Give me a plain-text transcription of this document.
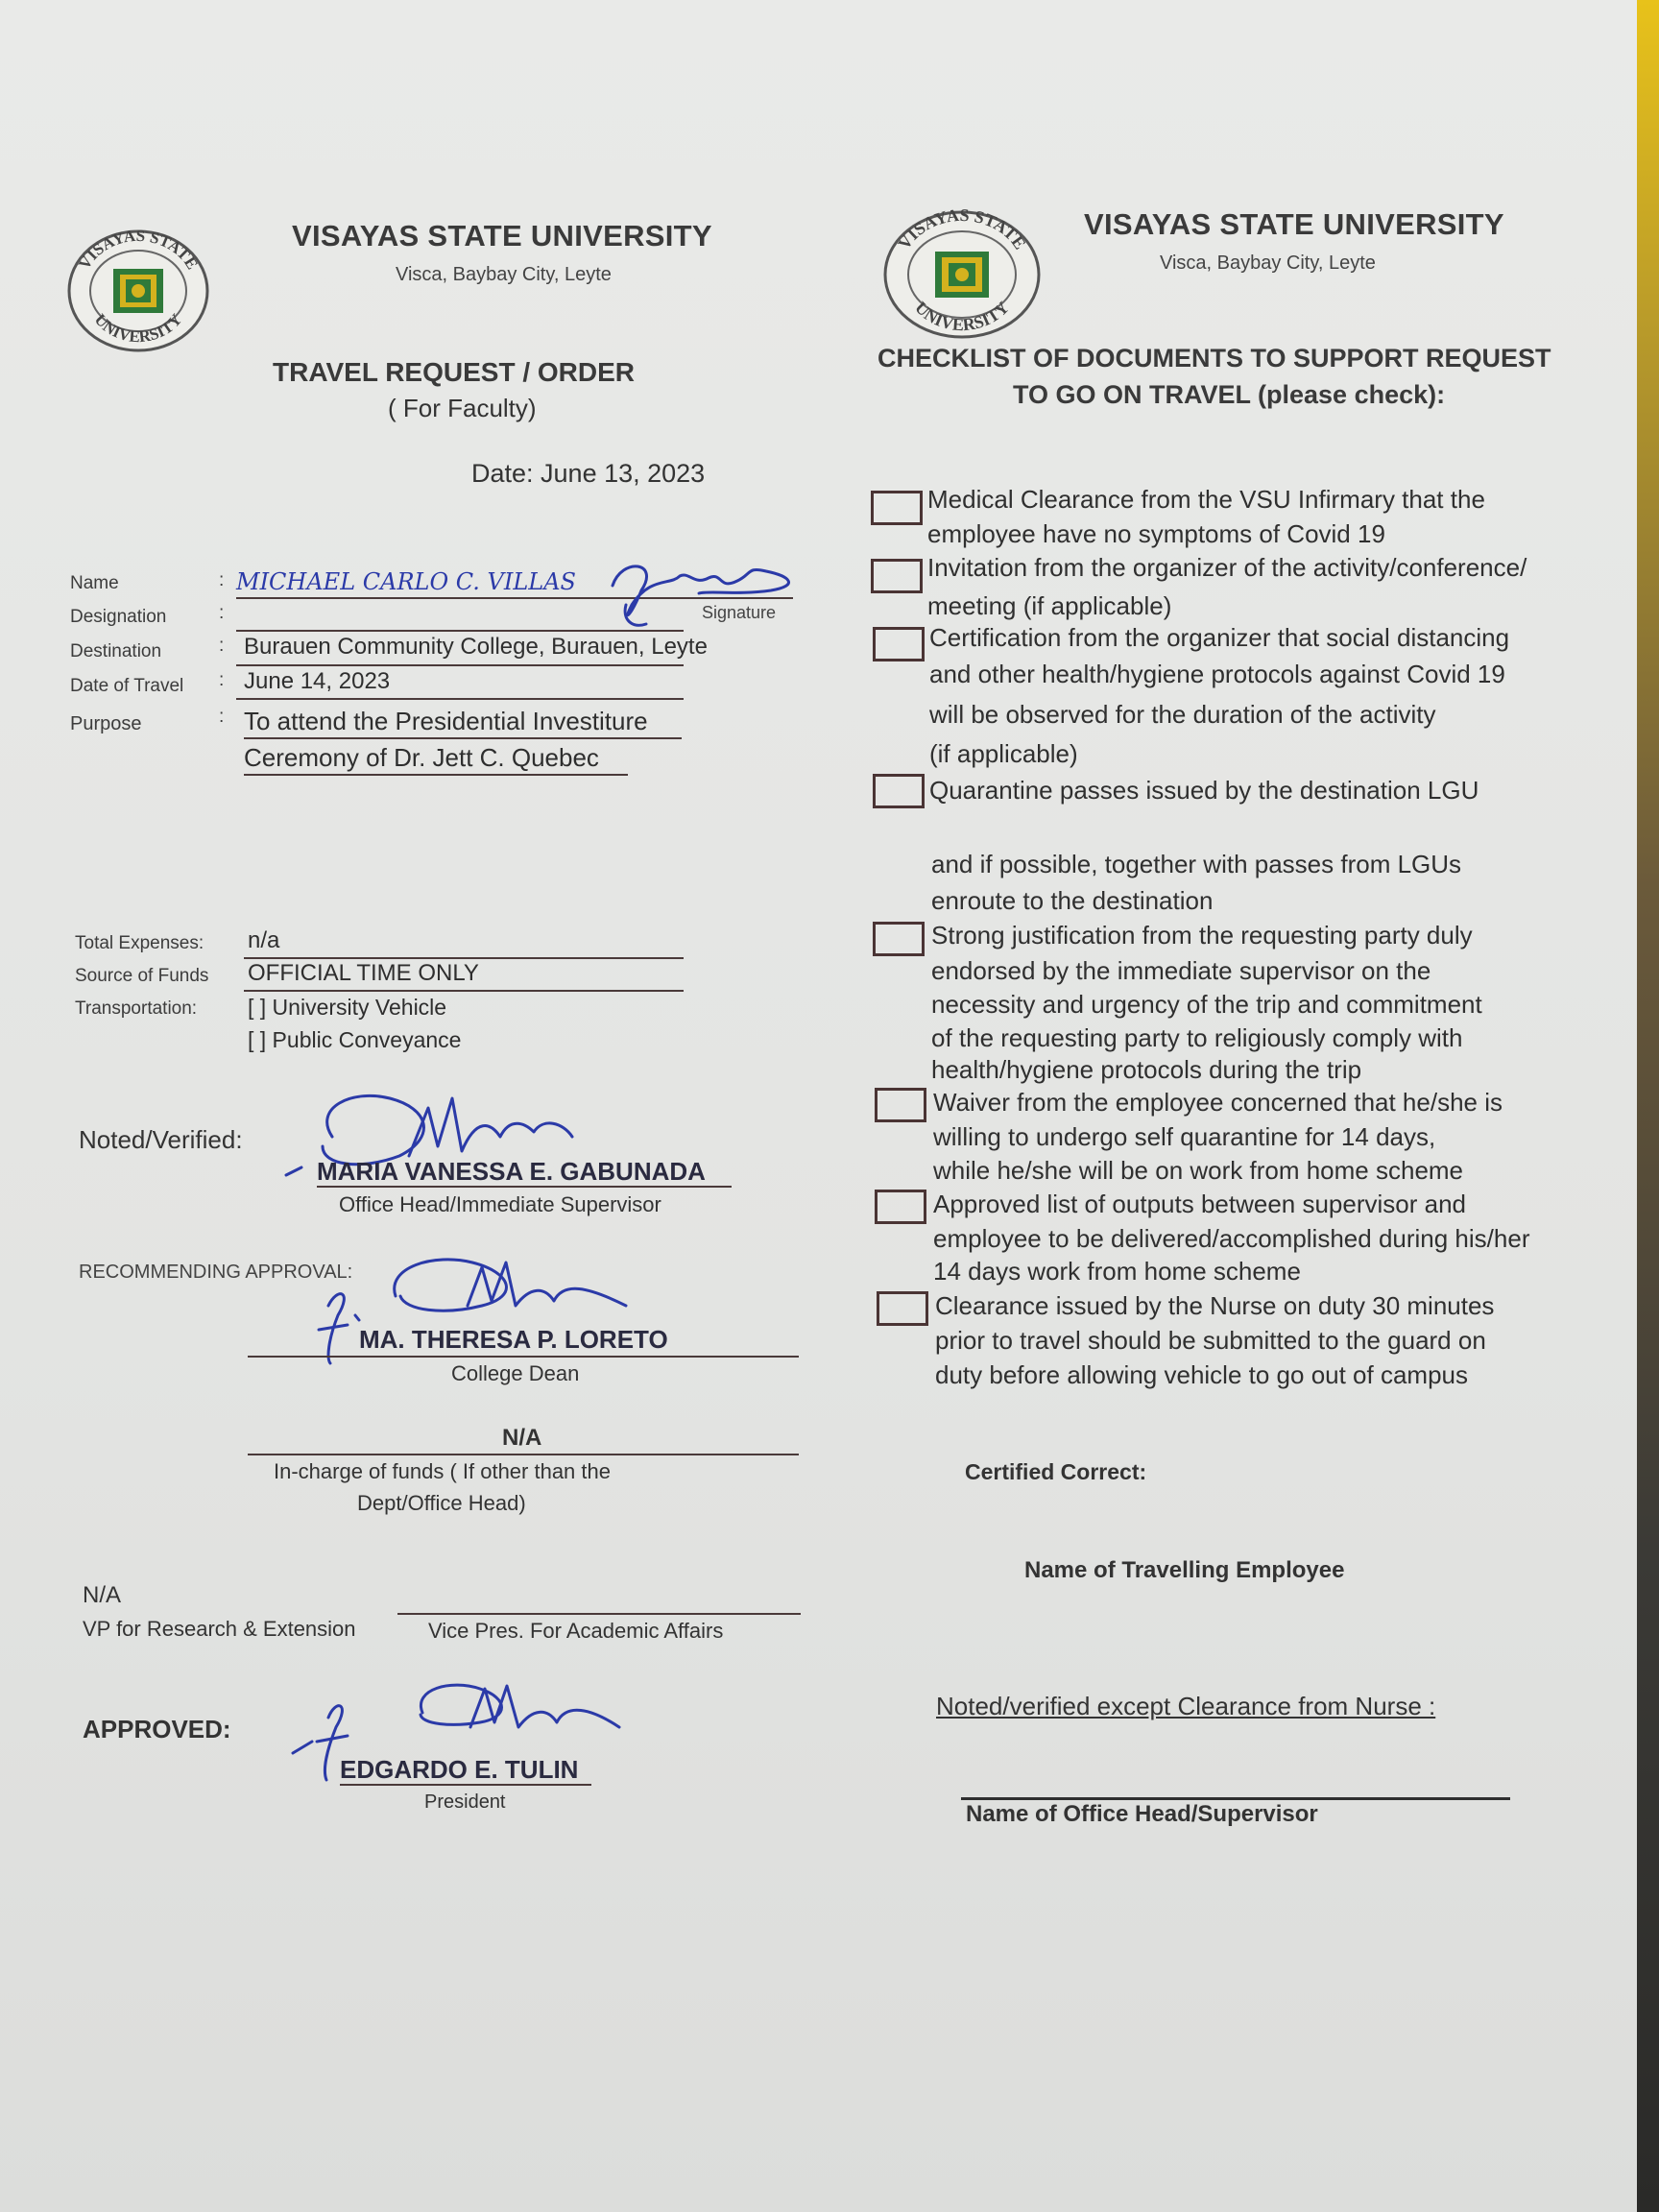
VISAYAS STATE
UNIVERSITY
VISAYAS STATE UNIVERSITY
Visca, Baybay City, Leyte
TRAVEL REQUEST / ORDER
( For Faculty)
Date: June 13, 2023
Name	: MICHAEL CARLO C. VILLAS
Signature
Designation	:
Destination	: Burauen Community College, Burauen, Leyte
Date of Travel : June 14, 2023
Purpose	: To attend the Presidential Investiture
Ceremony of Dr. Jett C. Quebec
Total Expenses: n/a
Source of Funds OFFICIAL TIME ONLY
Transportation: [ ] University Vehicle
[ ] Public Conveyance
Noted/Verified:
MARIA VANESSA E. GABUNADA
Office Head/Immediate Supervisor
RECOMMENDING APPROVAL:
MA. THERESA P. LORETO
College Dean
N/A
In-charge of funds ( If other than the
Dept/Office Head)
N/A
VP for Research & Extension	Vice Pres. For Academic Affairs
APPROVED:
EDGARDO E. TULIN
President
VISAYAS STATE
UNIVERSITY
VISAYAS STATE UNIVERSITY
Visca, Baybay City, Leyte
CHECKLIST OF DOCUMENTS TO SUPPORT REQUEST
TO GO ON TRAVEL (please check):
Medical Clearance from the VSU Infirmary that the
employee have no symptoms of Covid 19
Invitation from the organizer of the activity/conference/
meeting (if applicable)
Certification from the organizer that social distancing
and other health/hygiene protocols against Covid 19
will be observed for the duration of the activity
(if applicable)
Quarantine passes issued by the destination LGU
and if possible, together with passes from LGUs
enroute to the destination
Strong justification from the requesting party duly
endorsed by the immediate supervisor on the
necessity and urgency of the trip and commitment
of the requesting party to religiously comply with
health/hygiene protocols during the trip
Waiver from the employee concerned that he/she is
willing to undergo self quarantine for 14 days,
while he/she will be on work from home scheme
Approved list of outputs between supervisor and
employee to be delivered/accomplished during his/her
14 days work from home scheme
Clearance issued by the Nurse on duty 30 minutes
prior to travel should be submitted to the guard on
duty before allowing vehicle to go out of campus
Certified Correct:
Name of Travelling Employee
Noted/verified except Clearance from Nurse :
Name of Office Head/Supervisor
